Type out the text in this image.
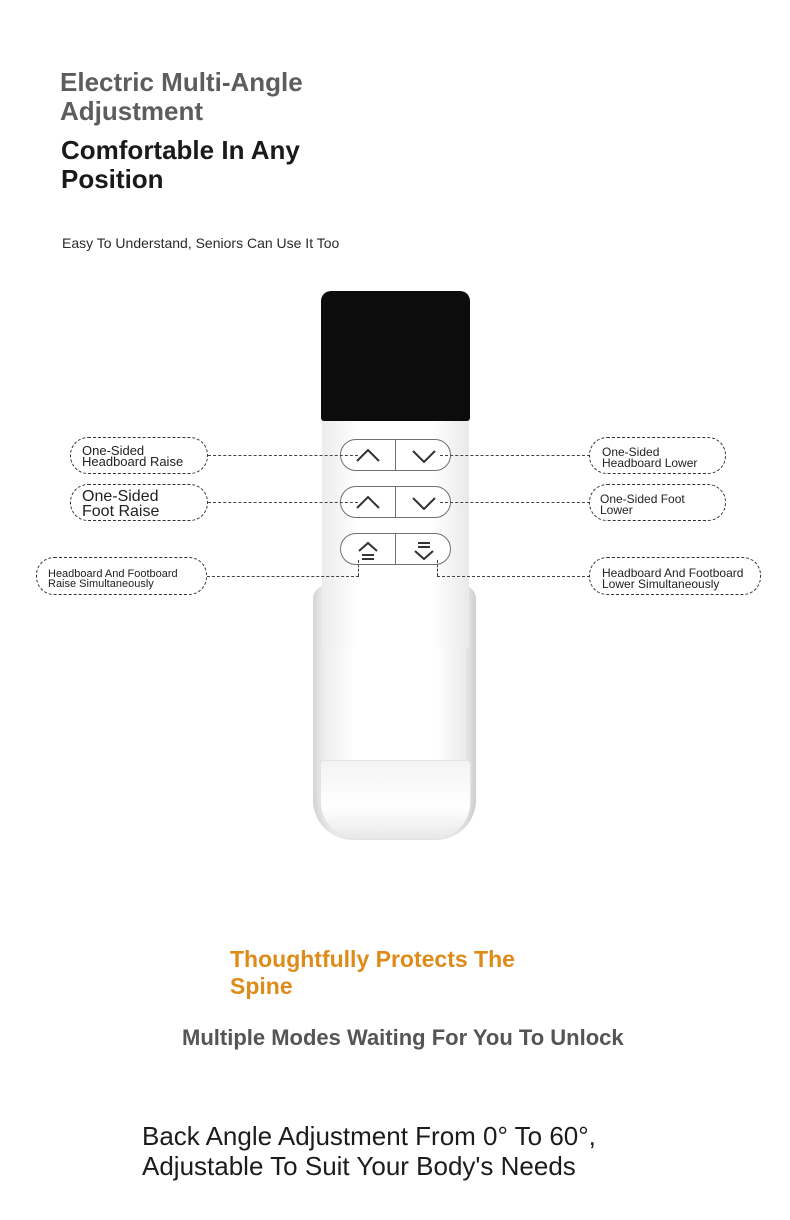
Electric Multi-Angle Adjustment
Comfortable In Any Position
Easy To Understand, Seniors Can Use It Too
One-Sided
Headboard Raise
One-Sided
Foot Raise
Headboard And Footboard
Raise Simultaneously
One-Sided
Headboard Lower
One-Sided Foot
Lower
Headboard And Footboard
Lower Simultaneously
Thoughtfully Protects The Spine
Multiple Modes Waiting For You To Unlock
Back Angle Adjustment From 0° To 60°, Adjustable To Suit Your Body's Needs
